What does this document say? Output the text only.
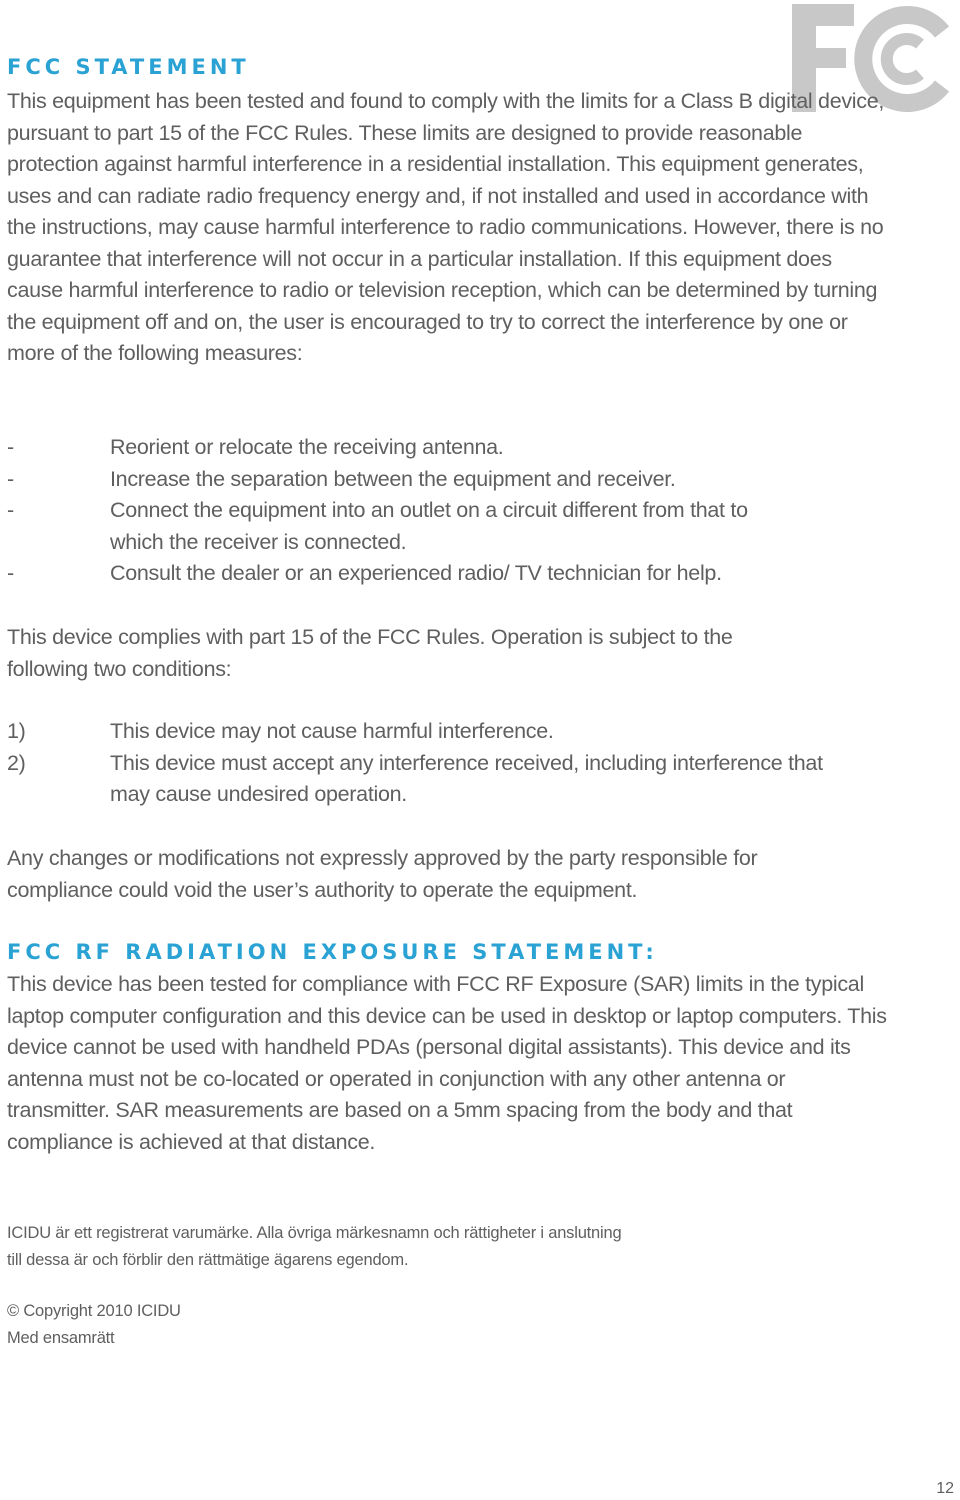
FCC STATEMENT

This equipment has been tested and found to comply with the limits for a Class B digital device, pursuant to part 15 of the FCC Rules. These limits are designed to provide reasonable protection against harmful interference in a residential installation. This equipment generates, uses and can radiate radio frequency energy and, if not installed and used in accordance with the instructions, may cause harmful interference to radio communications. However, there is no guarantee that interference will not occur in a particular installation. If this equipment does cause harmful interference to radio or television reception, which can be determined by turning the equipment off and on, the user is encouraged to try to correct the interference by one or more of the following measures:

-	Reorient or relocate the receiving antenna.
-	Increase the separation between the equipment and receiver.
-	Connect the equipment into an outlet on a circuit different from that to which the receiver is connected.
-	Consult the dealer or an experienced radio/ TV technician for help.

This device complies with part 15 of the FCC Rules. Operation is subject to the following two conditions:

1)	This device may not cause harmful interference.
2)	This device must accept any interference received, including interference that may cause undesired operation.

Any changes or modifications not expressly approved by the party responsible for compliance could void the user’s authority to operate the equipment.

FCC RF RADIATION EXPOSURE STATEMENT:

This device has been tested for compliance with FCC RF Exposure (SAR) limits in the typical laptop computer configuration and this device can be used in desktop or laptop computers. This device cannot be used with handheld PDAs (personal digital assistants). This device and its antenna must not be co-located or operated in conjunction with any other antenna or transmitter. SAR measurements are based on a 5mm spacing from the body and that compliance is achieved at that distance.

ICIDU är ett registrerat varumärke. Alla övriga märkesnamn och rättigheter i anslutning
till dessa är och förblir den rättmätige ägarens egendom.
© Copyright 2010 ICIDU
Med ensamrätt
12
